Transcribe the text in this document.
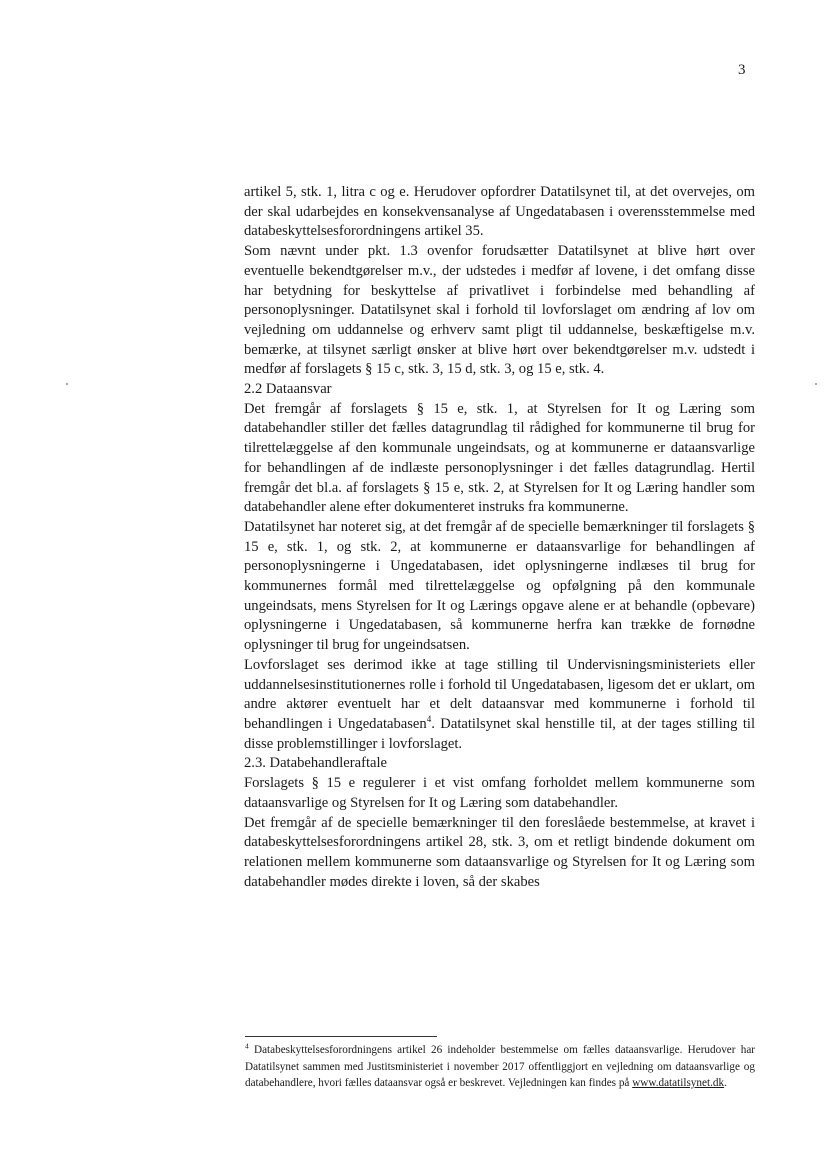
3

artikel 5, stk. 1, litra c og e. Herudover opfordrer Datatilsynet til, at det overvejes, om der skal udarbejdes en konsekvensanalyse af Ungedatabasen i overensstemmelse med databeskyttelsesforordningens artikel 35.

Som nævnt under pkt. 1.3 ovenfor forudsætter Datatilsynet at blive hørt over eventuelle bekendtgørelser m.v., der udstedes i medfør af lovene, i det omfang disse har betydning for beskyttelse af privatlivet i forbindelse med behandling af personoplysninger. Datatilsynet skal i forhold til lovforslaget om ændring af lov om vejledning om uddannelse og erhverv samt pligt til uddannelse, beskæftigelse m.v. bemærke, at tilsynet særligt ønsker at blive hørt over bekendtgørelser m.v. udstedt i medfør af forslagets § 15 c, stk. 3, 15 d, stk. 3, og 15 e, stk. 4.

2.2 Dataansvar

Det fremgår af forslagets § 15 e, stk. 1, at Styrelsen for It og Læring som databehandler stiller det fælles datagrundlag til rådighed for kommunerne til brug for tilrettelæggelse af den kommunale ungeindsats, og at kommunerne er dataansvarlige for behandlingen af de indlæste personoplysninger i det fælles datagrundlag. Hertil fremgår det bl.a. af forslagets § 15 e, stk. 2, at Styrelsen for It og Læring handler som databehandler alene efter dokumenteret instruks fra kommunerne.

Datatilsynet har noteret sig, at det fremgår af de specielle bemærkninger til forslagets § 15 e, stk. 1, og stk. 2, at kommunerne er dataansvarlige for behandlingen af personoplysningerne i Ungedatabasen, idet oplysningerne indlæses til brug for kommunernes formål med tilrettelæggelse og opfølgning på den kommunale ungeindsats, mens Styrelsen for It og Lærings opgave alene er at behandle (opbevare) oplysningerne i Ungedatabasen, så kommunerne herfra kan trække de fornødne oplysninger til brug for ungeindsatsen.

Lovforslaget ses derimod ikke at tage stilling til Undervisningsministeriets eller uddannelsesinstitutionernes rolle i forhold til Ungedatabasen, ligesom det er uklart, om andre aktører eventuelt har et delt dataansvar med kommunerne i forhold til behandlingen i Ungedatabasen$^4$. Datatilsynet skal henstille til, at der tages stilling til disse problemstillinger i lovforslaget.

2.3. Databehandleraftale

Forslagets § 15 e regulerer i et vist omfang forholdet mellem kommunerne som dataansvarlige og Styrelsen for It og Læring som databehandler.

Det fremgår af de specielle bemærkninger til den foreslåede bestemmelse, at kravet i databeskyttelsesforordningens artikel 28, stk. 3, om et retligt bindende dokument om relationen mellem kommunerne som dataansvarlige og Styrelsen for It og Læring som databehandler mødes direkte i loven, så der skabes

$^4$ Databeskyttelsesforordningens artikel 26 indeholder bestemmelse om fælles dataansvarlige. Herudover har Datatilsynet sammen med Justitsministeriet i november 2017 offentliggjort en vejledning om dataansvarlige og databehandlere, hvori fælles dataansvar også er beskrevet. Vejledningen kan findes på www.datatilsynet.dk.
